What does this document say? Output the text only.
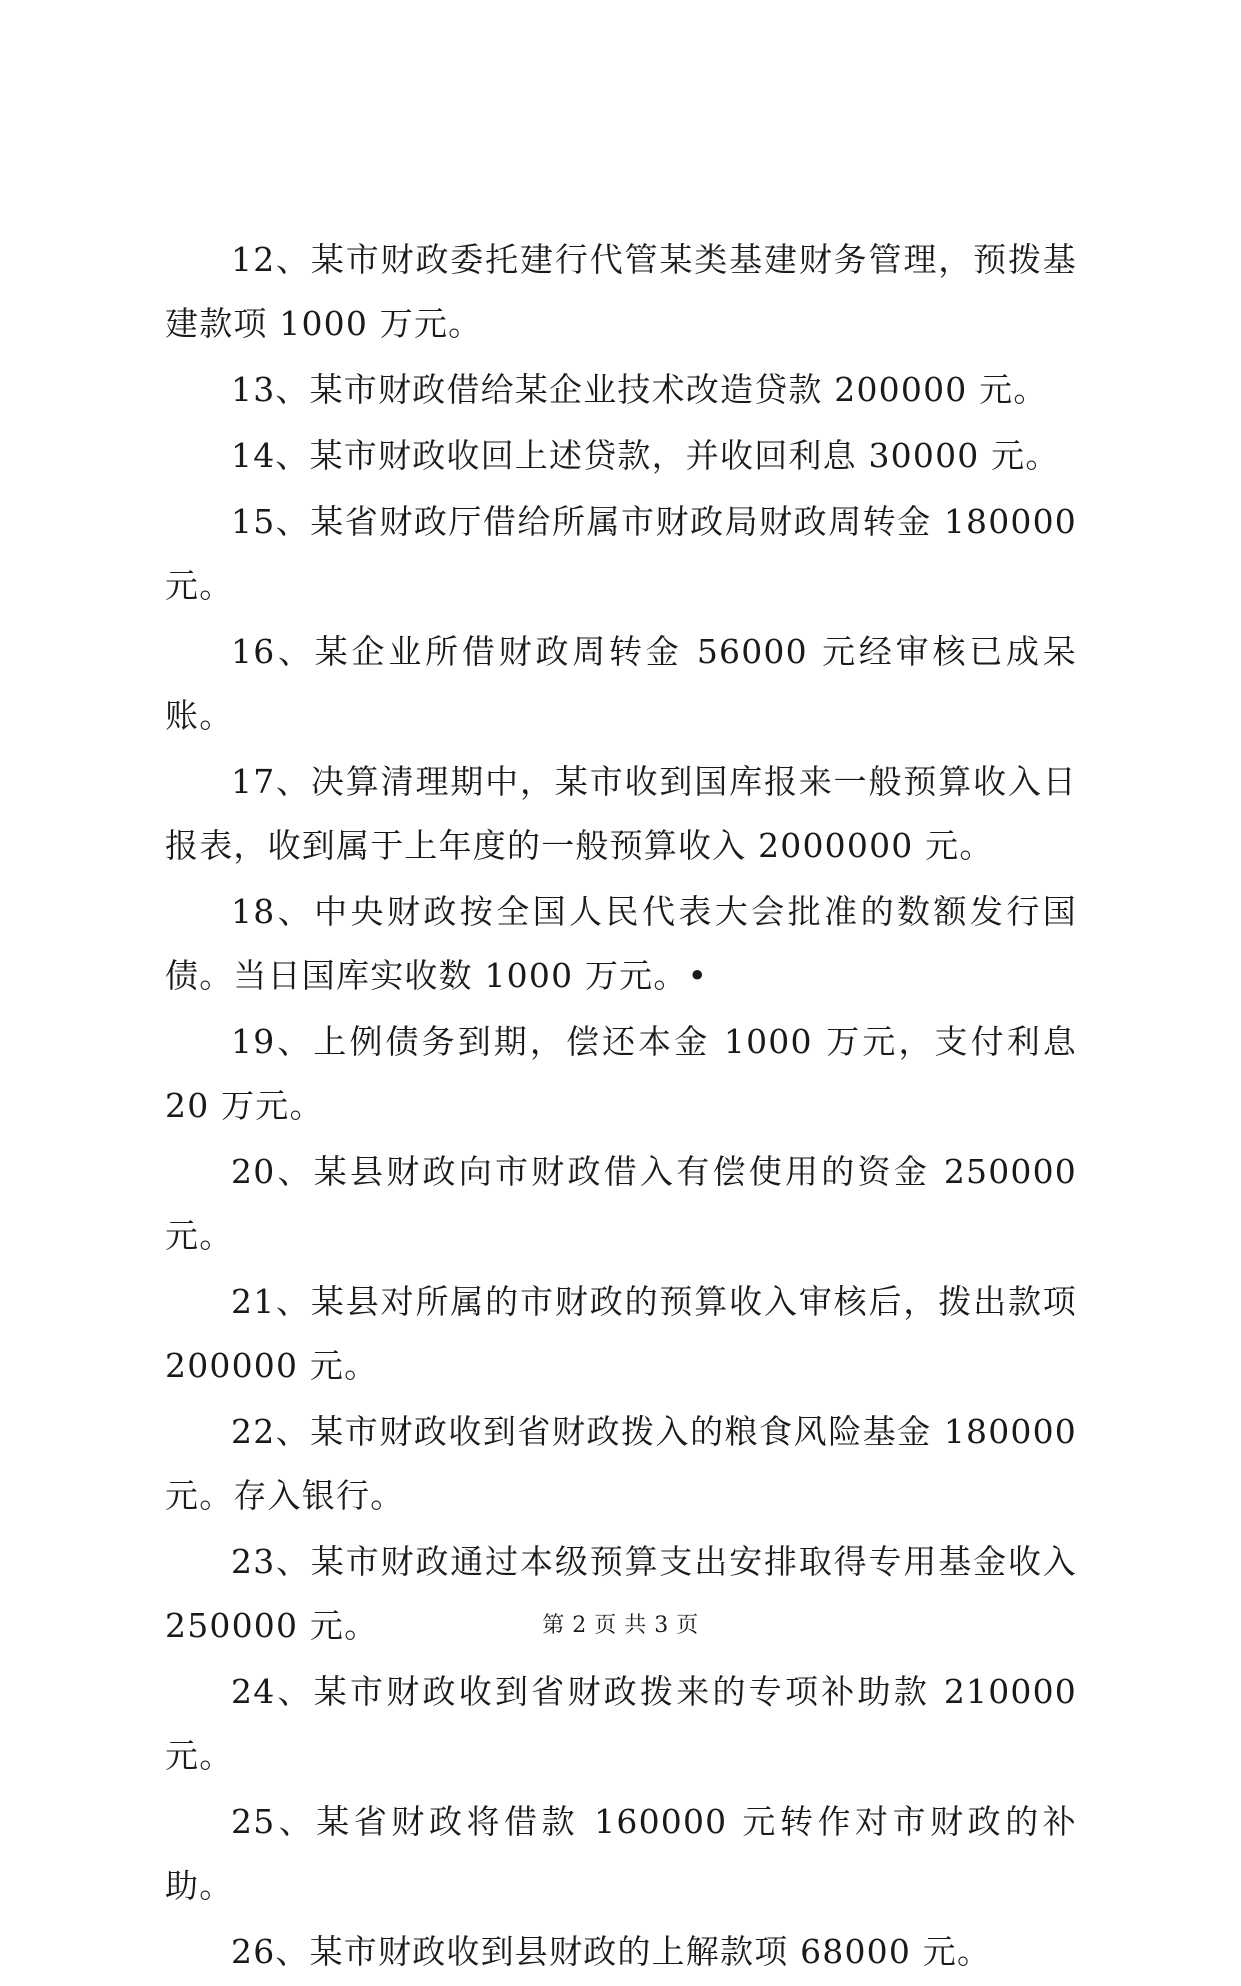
12、某市财政委托建行代管某类基建财务管理，预拨基建款项 1000 万元。

13、某市财政借给某企业技术改造贷款 200000 元。

14、某市财政收回上述贷款，并收回利息 30000 元。

15、某省财政厅借给所属市财政局财政周转金 180000 元。

16、某企业所借财政周转金 56000 元经审核已成呆账。

17、决算清理期中，某市收到国库报来一般预算收入日报表，收到属于上年度的一般预算收入 2000000 元。

18、中央财政按全国人民代表大会批准的数额发行国债。当日国库实收数 1000 万元。•

19、上例债务到期，偿还本金 1000 万元，支付利息 20 万元。

20、某县财政向市财政借入有偿使用的资金 250000 元。

21、某县对所属的市财政的预算收入审核后，拨出款项 200000 元。

22、某市财政收到省财政拨入的粮食风险基金 180000 元。存入银行。

23、某市财政通过本级预算支出安排取得专用基金收入 250000 元。

24、某市财政收到省财政拨来的专项补助款 210000 元。

25、某省财政将借款 160000 元转作对市财政的补助。

26、某市财政收到县财政的上解款项 68000 元。

第 2 页 共 3 页
